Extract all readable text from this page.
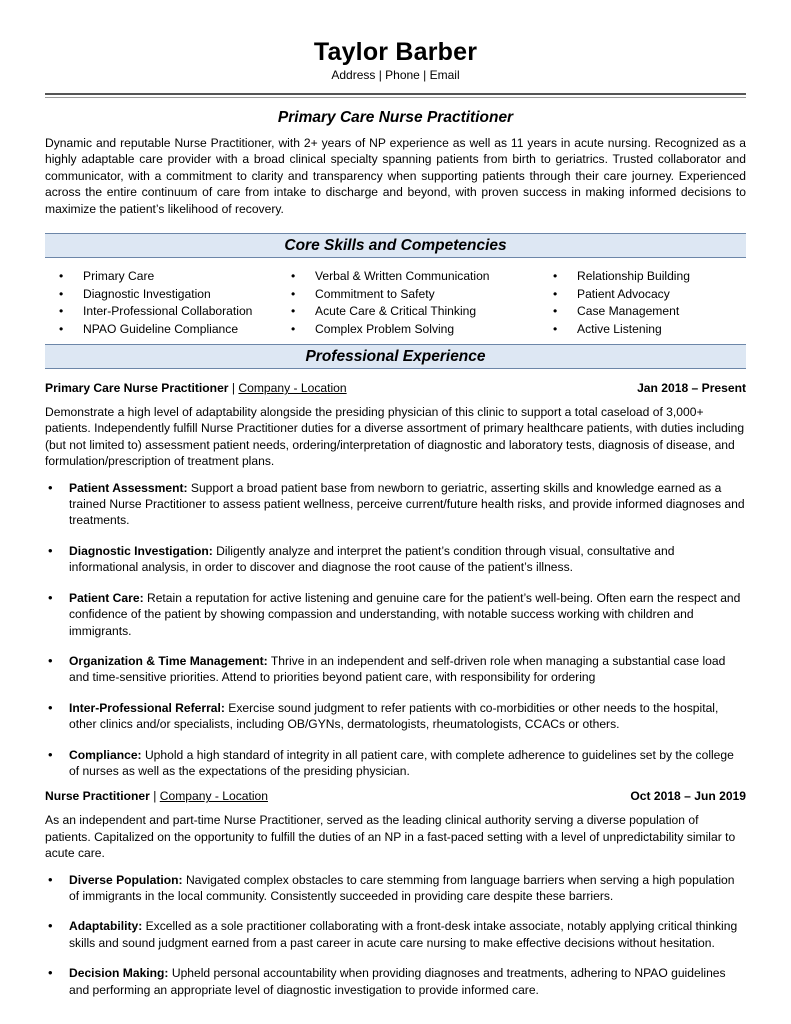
Taylor Barber
Address | Phone | Email
Primary Care Nurse Practitioner
Dynamic and reputable Nurse Practitioner, with 2+ years of NP experience as well as 11 years in acute nursing. Recognized as a highly adaptable care provider with a broad clinical specialty spanning patients from birth to geriatrics. Trusted collaborator and communicator, with a commitment to clarity and transparency when supporting patients through their care journey. Experienced across the entire continuum of care from intake to discharge and beyond, with proven success in making informed decisions to maximize the patient’s likelihood of recovery.
Core Skills and Competencies
• Primary Care
• Diagnostic Investigation
• Inter-Professional Collaboration
• NPAO Guideline Compliance
• Verbal & Written Communication
• Commitment to Safety
• Acute Care & Critical Thinking
• Complex Problem Solving
• Relationship Building
• Patient Advocacy
• Case Management
• Active Listening
Professional Experience
Primary Care Nurse Practitioner | Company - Location	Jan 2018 – Present
Demonstrate a high level of adaptability alongside the presiding physician of this clinic to support a total caseload of 3,000+ patients. Independently fulfill Nurse Practitioner duties for a diverse assortment of primary healthcare patients, with duties including (but not limited to) assessment patient needs, ordering/interpretation of diagnostic and laboratory tests, diagnosis of disease, and formulation/prescription of treatment plans.
• Patient Assessment: Support a broad patient base from newborn to geriatric, asserting skills and knowledge earned as a trained Nurse Practitioner to assess patient wellness, perceive current/future health risks, and provide informed diagnoses and treatments.
• Diagnostic Investigation: Diligently analyze and interpret the patient’s condition through visual, consultative and informational analysis, in order to discover and diagnose the root cause of the patient’s illness.
• Patient Care: Retain a reputation for active listening and genuine care for the patient’s well-being. Often earn the respect and confidence of the patient by showing compassion and understanding, with notable success working with children and immigrants.
• Organization & Time Management: Thrive in an independent and self-driven role when managing a substantial case load and time-sensitive priorities. Attend to priorities beyond patient care, with responsibility for ordering
• Inter-Professional Referral: Exercise sound judgment to refer patients with co-morbidities or other needs to the hospital, other clinics and/or specialists, including OB/GYNs, dermatologists, rheumatologists, CCACs or others.
• Compliance: Uphold a high standard of integrity in all patient care, with complete adherence to guidelines set by the college of nurses as well as the expectations of the presiding physician.
Nurse Practitioner | Company - Location	Oct 2018 – Jun 2019
As an independent and part-time Nurse Practitioner, served as the leading clinical authority serving a diverse population of patients. Capitalized on the opportunity to fulfill the duties of an NP in a fast-paced setting with a level of unpredictability similar to acute care.
• Diverse Population: Navigated complex obstacles to care stemming from language barriers when serving a high population of immigrants in the local community. Consistently succeeded in providing care despite these barriers.
• Adaptability: Excelled as a sole practitioner collaborating with a front-desk intake associate, notably applying critical thinking skills and sound judgment earned from a past career in acute care nursing to make effective decisions without hesitation.
• Decision Making: Upheld personal accountability when providing diagnoses and treatments, adhering to NPAO guidelines and performing an appropriate level of diagnostic investigation to provide informed care.
